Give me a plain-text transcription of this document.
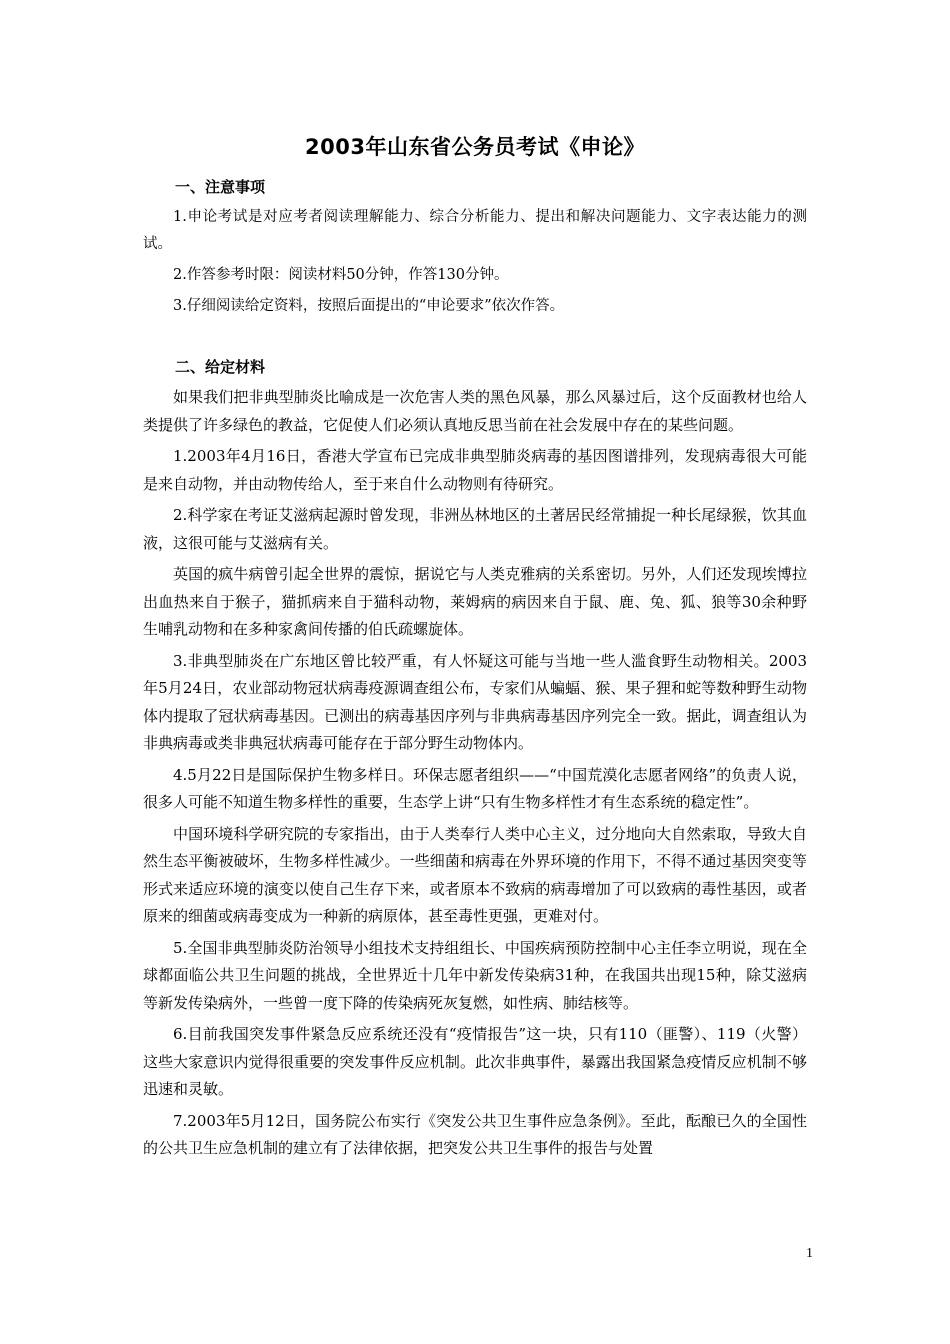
2003年山东省公务员考试《申论》
一、注意事项

1.申论考试是对应考者阅读理解能力、综合分析能力、提出和解决问题能力、文字表达能力的测试。

2.作答参考时限：阅读材料50分钟，作答130分钟。

3.仔细阅读给定资料，按照后面提出的“申论要求”依次作答。

二、给定材料

如果我们把非典型肺炎比喻成是一次危害人类的黑色风暴，那么风暴过后，这个反面教材也给人类提供了许多绿色的教益，它促使人们必须认真地反思当前在社会发展中存在的某些问题。

1.2003年4月16日，香港大学宣布已完成非典型肺炎病毒的基因图谱排列，发现病毒很大可能是来自动物，并由动物传给人，至于来自什么动物则有待研究。

2.科学家在考证艾滋病起源时曾发现，非洲丛林地区的土著居民经常捕捉一种长尾绿猴，饮其血液，这很可能与艾滋病有关。

英国的疯牛病曾引起全世界的震惊，据说它与人类克雅病的关系密切。另外，人们还发现埃博拉出血热来自于猴子，猫抓病来自于猫科动物，莱姆病的病因来自于鼠、鹿、兔、狐、狼等30余种野生哺乳动物和在多种家禽间传播的伯氏疏螺旋体。

3.非典型肺炎在广东地区曾比较严重，有人怀疑这可能与当地一些人滥食野生动物相关。2003年5月24日，农业部动物冠状病毒疫源调查组公布，专家们从蝙蝠、猴、果子狸和蛇等数种野生动物体内提取了冠状病毒基因。已测出的病毒基因序列与非典病毒基因序列完全一致。据此，调查组认为非典病毒或类非典冠状病毒可能存在于部分野生动物体内。

4.5月22日是国际保护生物多样日。环保志愿者组织——“中国荒漠化志愿者网络”的负责人说，很多人可能不知道生物多样性的重要，生态学上讲“只有生物多样性才有生态系统的稳定性”。

中国环境科学研究院的专家指出，由于人类奉行人类中心主义，过分地向大自然索取，导致大自然生态平衡被破坏，生物多样性减少。一些细菌和病毒在外界环境的作用下，不得不通过基因突变等形式来适应环境的演变以使自己生存下来，或者原本不致病的病毒增加了可以致病的毒性基因，或者原来的细菌或病毒变成为一种新的病原体，甚至毒性更强，更难对付。

5.全国非典型肺炎防治领导小组技术支持组组长、中国疾病预防控制中心主任李立明说，现在全球都面临公共卫生问题的挑战，全世界近十几年中新发传染病31种，在我国共出现15种，除艾滋病等新发传染病外，一些曾一度下降的传染病死灰复燃，如性病、肺结核等。

6.目前我国突发事件紧急反应系统还没有“疫情报告”这一块，只有110（匪警）、119（火警）这些大家意识内觉得很重要的突发事件反应机制。此次非典事件，暴露出我国紧急疫情反应机制不够迅速和灵敏。

7.2003年5月12日，国务院公布实行《突发公共卫生事件应急条例》。至此，酝酿已久的全国性的公共卫生应急机制的建立有了法律依据，把突发公共卫生事件的报告与处置

1
